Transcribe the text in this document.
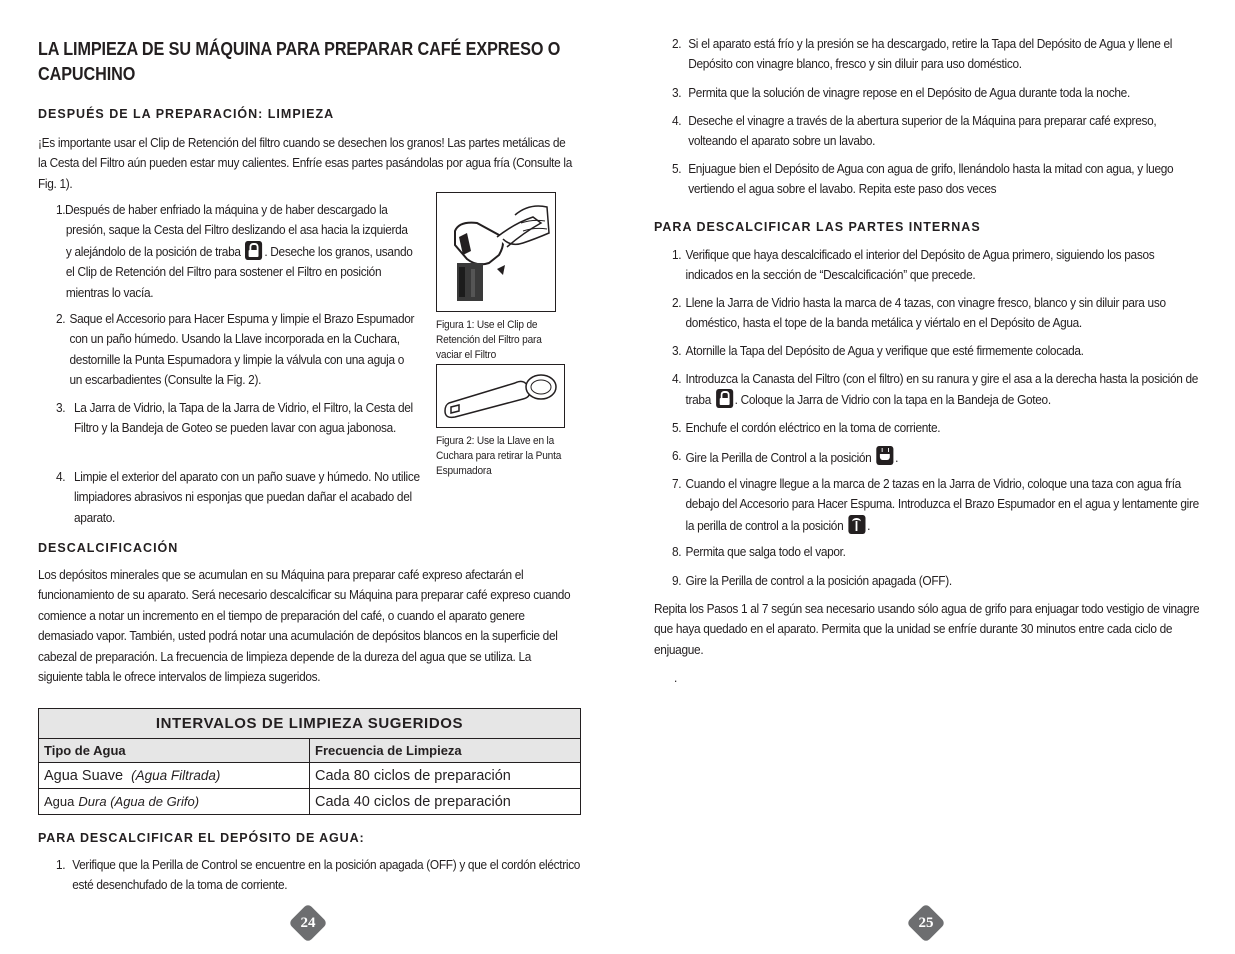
LA LIMPIEZA DE SU MÁQUINA PARA PREPARAR CAFÉ EXPRESO O CAPUCHINO
DESPUÉS DE LA PREPARACIÓN: LIMPIEZA

¡Es importante usar el Clip de Retención del filtro cuando se desechen los granos! Las partes metálicas de la Cesta del Filtro aún pueden estar muy calientes. Enfríe esas partes pasándolas por agua fría (Consulte la Fig. 1).

1. Después de haber enfriado la máquina y de haber descargado la presión, saque la Cesta del Filtro deslizando el asa hacia la izquierda y alejándolo de la posición de traba . Deseche los granos, usando el Clip de Retención del Filtro para sostener el Filtro en posición mientras lo vacía.

2. Saque el Accesorio para Hacer Espuma y limpie el Brazo Espumador con un paño húmedo. Usando la Llave incorporada en la Cuchara, destornille la Punta Espumadora y limpie la válvula con una aguja o un escarbadientes (Consulte la Fig. 2).

3. La Jarra de Vidrio, la Tapa de la Jarra de Vidrio, el Filtro, la Cesta del Filtro y la Bandeja de Goteo se pueden lavar con agua jabonosa.

4. Limpie el exterior del aparato con un paño suave y húmedo. No utilice limpiadores abrasivos ni esponjas que puedan dañar el acabado del aparato.

Figura 1: Use el Clip de Retención del Filtro para vaciar el Filtro

Figura 2: Use la Llave en la Cuchara para retirar la Punta Espumadora

DESCALCIFICACIÓN

Los depósitos minerales que se acumulan en su Máquina para preparar café expreso afectarán el funcionamiento de su aparato. Será necesario descalcificar su Máquina para preparar café expreso cuando comience a notar un incremento en el tiempo de preparación del café, o cuando el aparato genere demasiado vapor. También, usted podrá notar una acumulación de depósitos blancos en la superficie del cabezal de preparación. La frecuencia de limpieza depende de la dureza del agua que se utiliza. La siguiente tabla le ofrece intervalos de limpieza sugeridos.

INTERVALOS DE LIMPIEZA SUGERIDOS	
Tipo de Agua	Frecuencia de Limpieza
Agua Suave (Agua Filtrada)	Cada 80 ciclos de preparación
Agua Dura (Agua de Grifo)	Cada 40 ciclos de preparación
PARA DESCALCIFICAR EL DEPÓSITO DE AGUA:
1. Verifique que la Perilla de Control se encuentre en la posición apagada (OFF) y que el cordón eléctrico esté desenchufado de la toma de corriente.

24
2. Si el aparato está frío y la presión se ha descargado, retire la Tapa del Depósito de Agua y llene el Depósito con vinagre blanco, fresco y sin diluir para uso doméstico.

3. Permita que la solución de vinagre repose en el Depósito de Agua durante toda la noche.

4. Deseche el vinagre a través de la abertura superior de la Máquina para preparar café expreso, volteando el aparato sobre un lavabo.

5. Enjuague bien el Depósito de Agua con agua de grifo, llenándolo hasta la mitad con agua, y luego vertiendo el agua sobre el lavabo. Repita este paso dos veces

PARA DESCALCIFICAR LAS PARTES INTERNAS
1. Verifique que haya descalcificado el interior del Depósito de Agua primero, siguiendo los pasos indicados en la sección de “Descalcificación” que precede.

2. Llene la Jarra de Vidrio hasta la marca de 4 tazas, con vinagre fresco, blanco y sin diluir para uso doméstico, hasta el tope de la banda metálica y viértalo en el Depósito de Agua.

3. Atornille la Tapa del Depósito de Agua y verifique que esté firmemente colocada.

4. Introduzca la Canasta del Filtro (con el filtro) en su ranura y gire el asa a la derecha hasta la posición de traba . Coloque la Jarra de Vidrio con la tapa en la Bandeja de Goteo.

5. Enchufe el cordón eléctrico en la toma de corriente.

6. Gire la Perilla de Control a la posición .

7. Cuando el vinagre llegue a la marca de 2 tazas en la Jarra de Vidrio, coloque una taza con agua fría debajo del Accesorio para Hacer Espuma. Introduzca el Brazo Espumador en el agua y lentamente gire la perilla de control a la posición .

8. Permita que salga todo el vapor.

9. Gire la Perilla de control a la posición apagada (OFF).

Repita los Pasos 1 al 7 según sea necesario usando sólo agua de grifo para enjuagar todo vestigio de vinagre que haya quedado en el aparato. Permita que la unidad se enfríe durante 30 minutos entre cada ciclo de enjuague.

.
25
